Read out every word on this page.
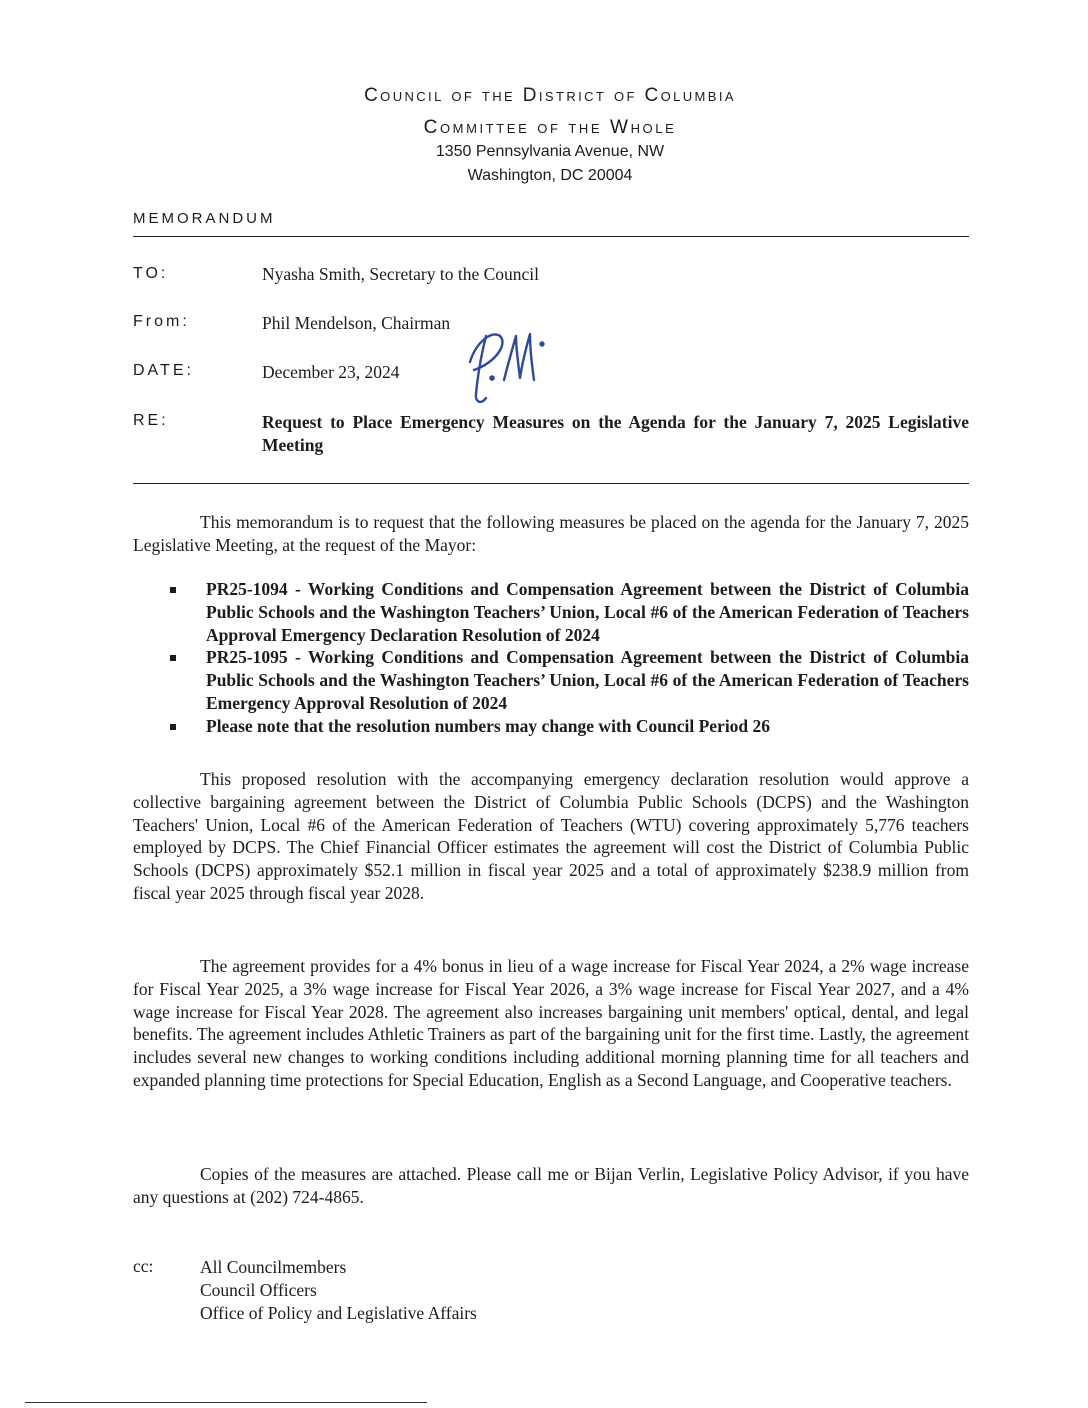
Council of the District of Columbia
Committee of the Whole
1350 Pennsylvania Avenue, NW
Washington, DC 20004
MEMORANDUM
TO:	Nyasha Smith, Secretary to the Council
From:	Phil Mendelson, Chairman
DATE:	December 23, 2024
RE:	Request to Place Emergency Measures on the Agenda for the January 7, 2025 Legislative Meeting

This memorandum is to request that the following measures be placed on the agenda for the January 7, 2025 Legislative Meeting, at the request of the Mayor:

PR25-1094 - Working Conditions and Compensation Agreement between the District of Columbia Public Schools and the Washington Teachers’ Union, Local #6 of the American Federation of Teachers Approval Emergency Declaration Resolution of 2024
PR25-1095 - Working Conditions and Compensation Agreement between the District of Columbia Public Schools and the Washington Teachers’ Union, Local #6 of the American Federation of Teachers Emergency Approval Resolution of 2024
Please note that the resolution numbers may change with Council Period 26

This proposed resolution with the accompanying emergency declaration resolution would approve a collective bargaining agreement between the District of Columbia Public Schools (DCPS) and the Washington Teachers' Union, Local #6 of the American Federation of Teachers (WTU) covering approximately 5,776 teachers employed by DCPS. The Chief Financial Officer estimates the agreement will cost the District of Columbia Public Schools (DCPS) approximately $52.1 million in fiscal year 2025 and a total of approximately $238.9 million from fiscal year 2025 through fiscal year 2028.

The agreement provides for a 4% bonus in lieu of a wage increase for Fiscal Year 2024, a 2% wage increase for Fiscal Year 2025, a 3% wage increase for Fiscal Year 2026, a 3% wage increase for Fiscal Year 2027, and a 4% wage increase for Fiscal Year 2028. The agreement also increases bargaining unit members' optical, dental, and legal benefits. The agreement includes Athletic Trainers as part of the bargaining unit for the first time. Lastly, the agreement includes several new changes to working conditions including additional morning planning time for all teachers and expanded planning time protections for Special Education, English as a Second Language, and Cooperative teachers.

Copies of the measures are attached. Please call me or Bijan Verlin, Legislative Policy Advisor, if you have any questions at (202) 724-4865.

cc:	All Councilmembers
Council Officers
Office of Policy and Legislative Affairs
